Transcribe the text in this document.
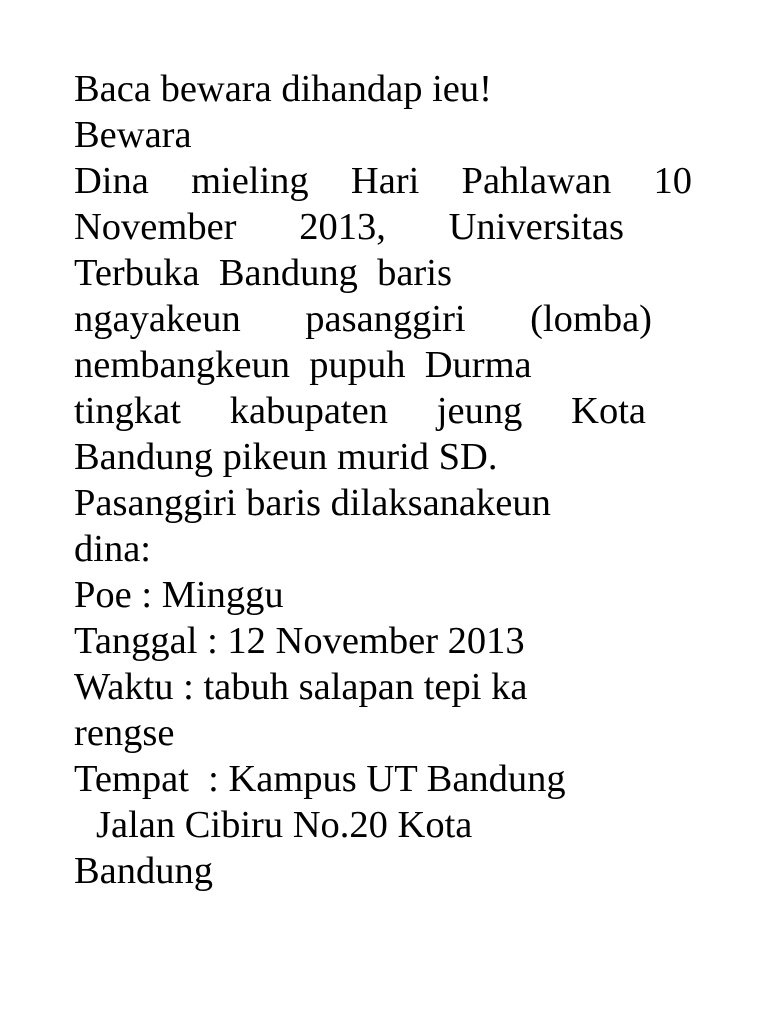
Baca bewara dihandap ieu!
Bewara
Dina mieling Hari Pahlawan 10
November 2013, Universitas
Terbuka  Bandung  baris
ngayakeun pasanggiri (lomba)
nembangkeun  pupuh  Durma
tingkat kabupaten jeung Kota
Bandung pikeun murid SD.
Pasanggiri baris dilaksanakeun
dina:
Poe : Minggu
Tanggal : 12 November 2013
Waktu : tabuh salapan tepi ka
rengse
Tempat  : Kampus UT Bandung
Jalan Cibiru No.20 Kota
Bandung
